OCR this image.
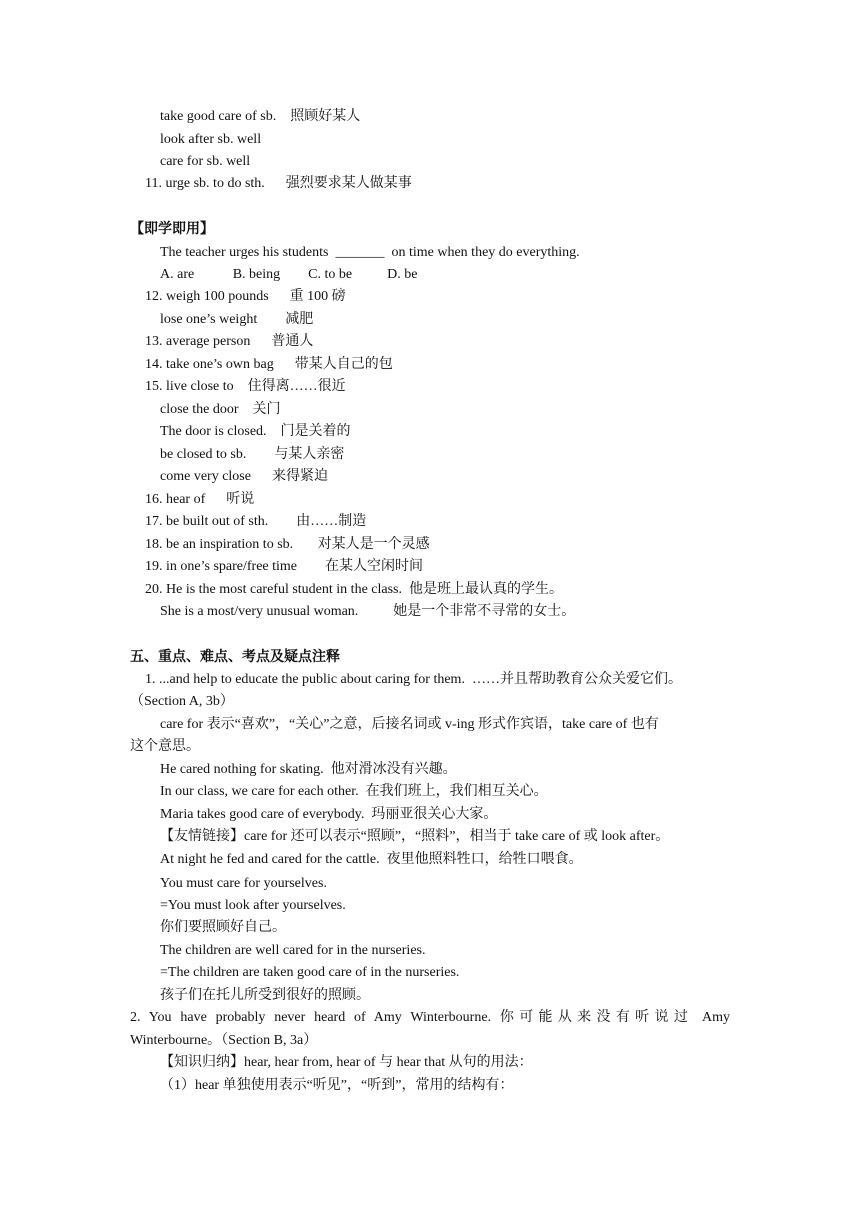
take good care of sb.    照顾好某人
look after sb. well
care for sb. well
11. urge sb. to do sth.      强烈要求某人做某事
【即学即用】
The teacher urges his students  _______  on time when they do everything.
A. are           B. being        C. to be          D. be
12. weigh 100 pounds      重 100 磅
lose one’s weight        减肥
13. average person      普通人
14. take one’s own bag      带某人自己的包
15. live close to    住得离……很近
close the door    关门
The door is closed.    门是关着的
be closed to sb.        与某人亲密
come very close      来得紧迫
16. hear of      听说
17. be built out of sth.        由……制造
18. be an inspiration to sb.       对某人是一个灵感
19. in one’s spare/free time        在某人空闲时间
20. He is the most careful student in the class.  他是班上最认真的学生。
She is a most/very unusual woman.          她是一个非常不寻常的女士。
五、重点、难点、考点及疑点注释
1. ...and help to educate the public about caring for them.  ……并且帮助教育公众关爱它们。
（Section A, 3b）
care for 表示“喜欢”，“关心”之意，后接名词或 v-ing 形式作宾语，take care of 也有
这个意思。
He cared nothing for skating.  他对滑冰没有兴趣。
In our class, we care for each other.  在我们班上，我们相互关心。
Maria takes good care of everybody.  玛丽亚很关心大家。
【友情链接】care for 还可以表示“照顾”，“照料”，相当于 take care of 或 look after。
At night he fed and cared for the cattle.  夜里他照料牲口，给牲口喂食。
You must care for yourselves.
=You must look after yourselves.
你们要照顾好自己。
The children are well cared for in the nurseries.
=The children are taken good care of in the nurseries.
孩子们在托儿所受到很好的照顾。
2. You have probably never heard of Amy Winterbourne. 你可能从来没有听说过 Amy
Winterbourne。（Section B, 3a）
【知识归纳】hear, hear from, hear of 与 hear that 从句的用法：
（1）hear 单独使用表示“听见”，“听到”，常用的结构有：
